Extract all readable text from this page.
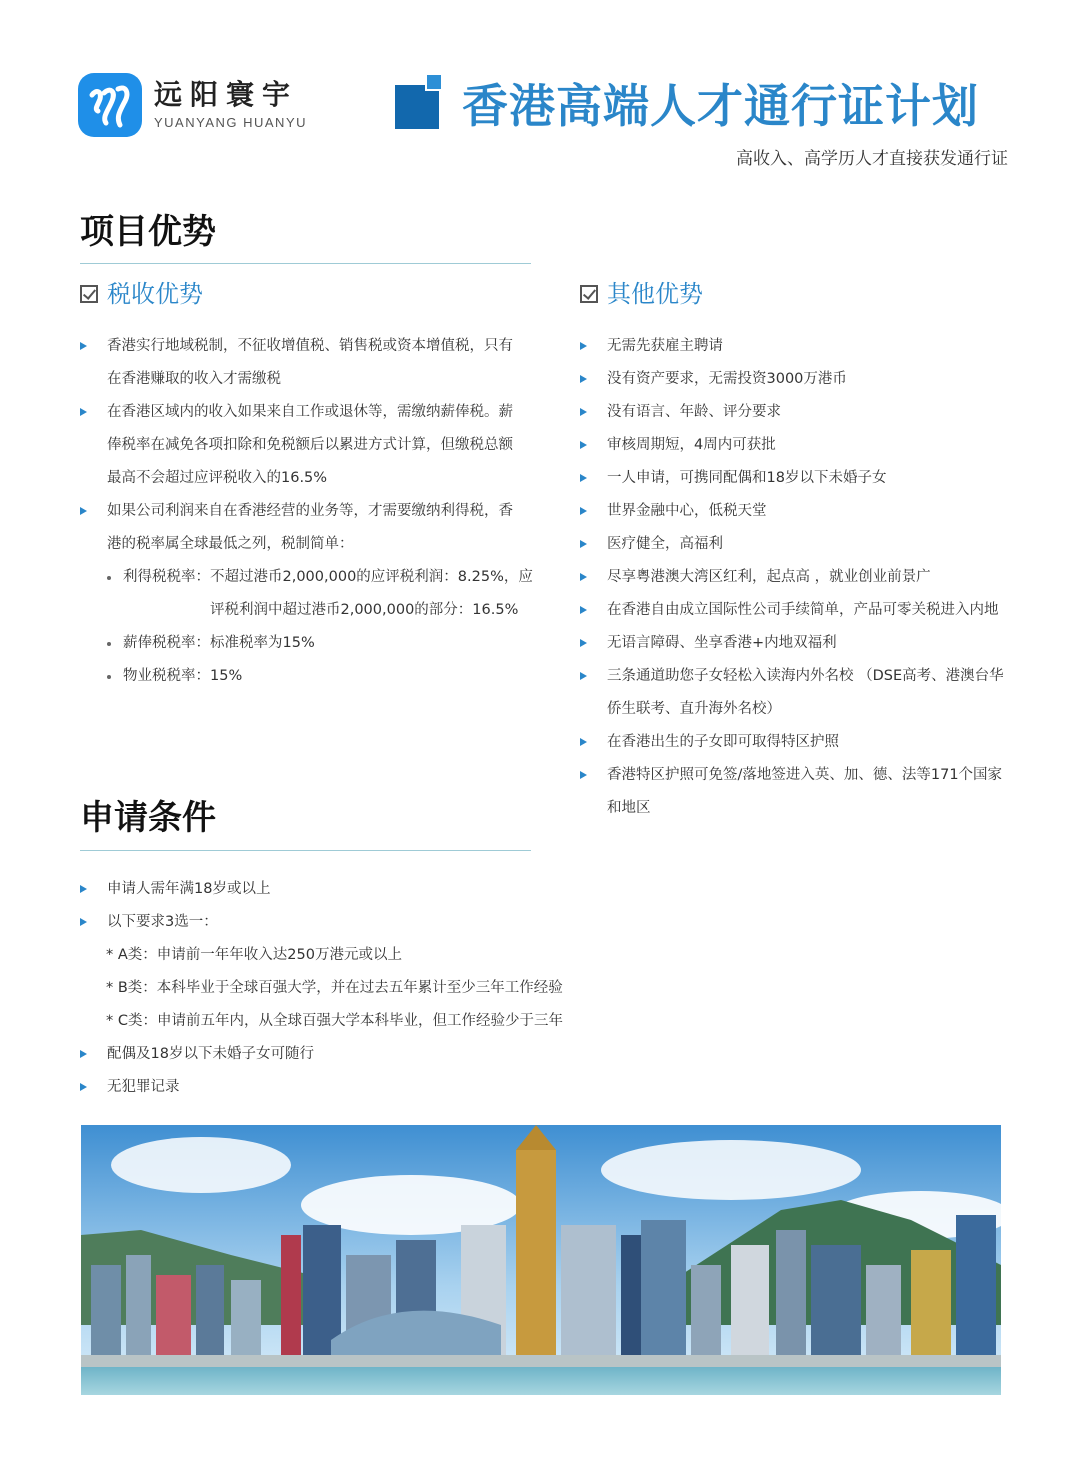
远阳寰宇
YUANYANG HUANYU	香港高端人才通行证计划
高收入、高学历人才直接获发通行证
项目优势
税收优势	其他优势
香港实行地域税制，不征收增值税、销售税或资本增值税，只有
在香港赚取的收入才需缴税
在香港区域内的收入如果来自工作或退休等，需缴纳薪俸税。薪
俸税率在减免各项扣除和免税额后以累进方式计算，但缴税总额
最高不会超过应评税收入的16.5%
如果公司利润来自在香港经营的业务等，才需要缴纳利得税，香
港的税率属全球最低之列，税制简单：
利得税税率： 不超过港币2,000,000的应评税利润：8.25%，应
评税利润中超过港币2,000,000的部分：16.5%
薪俸税税率：标准税率为15%
物业税税率：15%
无需先获雇主聘请
没有资产要求，无需投资3000万港币
没有语言、年龄、评分要求
审核周期短，4周内可获批
一人申请，可携同配偶和18岁以下未婚子女
世界金融中心，低税天堂
医疗健全，高福利
尽享粤港澳大湾区红利，起点高 ，就业创业前景广
在香港自由成立国际性公司手续简单，产品可零关税进入内地
无语言障碍、坐享香港+内地双福利
三条通道助您子女轻松入读海内外名校 （DSE高考、港澳台华
侨生联考、直升海外名校）
在香港出生的子女即可取得特区护照
香港特区护照可免签/落地签进入英、加、德、法等171个国家
和地区
申请条件
申请人需年满18岁或以上
以下要求3选一：
* A类：申请前一年年收入达250万港元或以上
* B类：本科毕业于全球百强大学，并在过去五年累计至少三年工作经验
* C类：申请前五年内，从全球百强大学本科毕业，但工作经验少于三年
配偶及18岁以下未婚子女可随行
无犯罪记录
